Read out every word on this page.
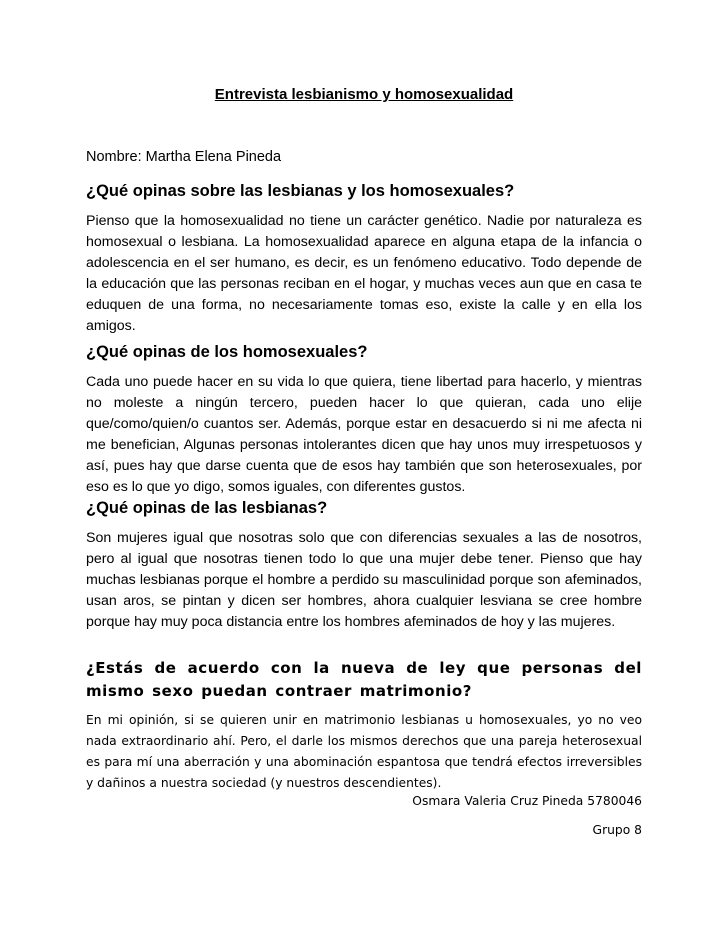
Entrevista lesbianismo y homosexualidad
Nombre: Martha Elena Pineda
¿Qué opinas sobre las lesbianas y los homosexuales?
Pienso que la homosexualidad no tiene un carácter genético. Nadie por naturaleza es homosexual o lesbiana. La homosexualidad aparece en alguna etapa de la infancia o adolescencia en el ser humano, es decir, es un fenómeno educativo. Todo depende de la educación que las personas reciban en el hogar, y muchas veces aun que en casa te eduquen de una forma, no necesariamente tomas eso, existe la calle y en ella los amigos.
¿Qué opinas de los homosexuales?
Cada uno puede hacer en su vida lo que quiera, tiene libertad para hacerlo, y mientras no moleste a ningún tercero, pueden hacer lo que quieran, cada uno elije que/como/quien/o cuantos ser. Además, porque estar en desacuerdo si ni me afecta ni me benefician, Algunas personas intolerantes dicen que hay unos muy irrespetuosos y así, pues hay que darse cuenta que de esos hay también que son heterosexuales, por eso es lo que yo digo, somos iguales, con diferentes gustos.
¿Qué opinas de las lesbianas?
Son mujeres igual que nosotras solo que con diferencias sexuales a las de nosotros, pero al igual que nosotras tienen todo lo que una mujer debe tener. Pienso que hay muchas lesbianas porque el hombre a perdido su masculinidad porque son afeminados, usan aros, se pintan y dicen ser hombres, ahora cualquier lesviana se cree hombre porque hay muy poca distancia entre los hombres afeminados de hoy y las mujeres.
¿Estás de acuerdo con la nueva de ley que personas del mismo sexo puedan contraer matrimonio?
En mi opinión, si se quieren unir en matrimonio lesbianas u homosexuales, yo no veo nada extraordinario ahí. Pero, el darle los mismos derechos que una pareja heterosexual es para mí una aberración y una abominación espantosa que tendrá efectos irreversibles y dañinos a nuestra sociedad (y nuestros descendientes).
Osmara Valeria Cruz Pineda 5780046
Grupo 8
